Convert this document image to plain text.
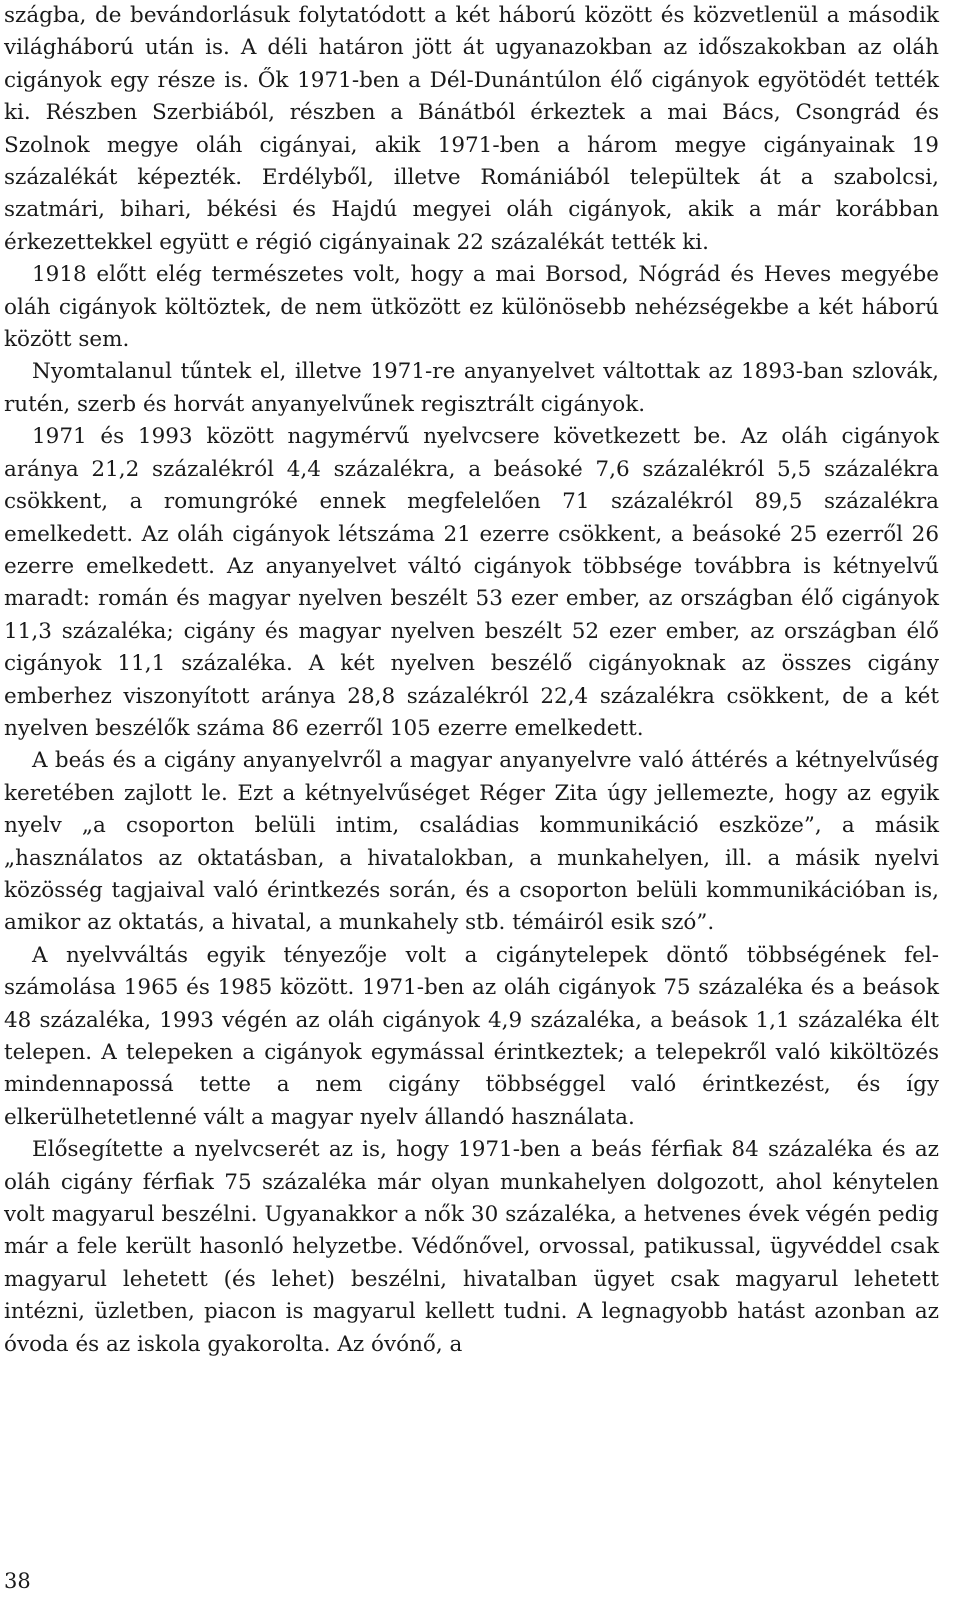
szágba, de bevándorlásuk folytatódott a két háború között és közvetlenül a második világháború után is. A déli határon jött át ugyanazokban az időszakokban az oláh cigányok egy része is. Ők 1971-ben a Dél-Dunántúlon élő cigányok egyötödét tették ki. Részben Szerbiából, részben a Bánátból érkeztek a mai Bács, Csongrád és Szolnok megye oláh cigányai, akik 1971-ben a három megye cigányainak 19 százalékát képezték. Erdélyből, illetve Romániából települtek át a szabolcsi, szatmári, bihari, békési és Hajdú megyei oláh cigányok, akik a már korábban érkezettekkel együtt e régió cigányainak 22 százalékát tették ki.

1918 előtt elég természetes volt, hogy a mai Borsod, Nógrád és Heves megyébe oláh cigányok költöztek, de nem ütközött ez különösebb nehézségekbe a két háború között sem.

Nyomtalanul tűntek el, illetve 1971-re anyanyelvet váltottak az 1893-ban szlovák, rutén, szerb és horvát anyanyelvűnek regisztrált cigányok.

1971 és 1993 között nagymérvű nyelvcsere következett be. Az oláh cigányok aránya 21,2 százalékról 4,4 százalékra, a beásoké 7,6 százalékról 5,5 százalékra csökkent, a romungróké ennek megfelelően 71 százalékról 89,5 százalékra emelkedett. Az oláh cigányok létszáma 21 ezerre csökkent, a beásoké 25 ezerről 26 ezerre emelkedett. Az anyanyelvet váltó cigányok többsége továbbra is kétnyelvű maradt: román és magyar nyelven beszélt 53 ezer ember, az országban élő cigányok 11,3 százaléka; cigány és magyar nyelven beszélt 52 ezer ember, az országban élő cigányok 11,1 százaléka. A két nyelven beszélő cigányoknak az összes cigány emberhez viszonyított aránya 28,8 százalékról 22,4 százalékra csökkent, de a két nyelven beszélők száma 86 ezerről 105 ezerre emelkedett.

A beás és a cigány anyanyelvről a magyar anyanyelvre való áttérés a kétnyelvűség keretében zajlott le. Ezt a kétnyelvűséget Réger Zita úgy jellemezte, hogy az egyik nyelv „a csoporton belüli intim, családias kommunikáció eszköze”, a másik „használatos az oktatásban, a hivatalokban, a munkahelyen, ill. a másik nyelvi közösség tagjaival való érintkezés során, és a csoporton belüli kommunikációban is, amikor az oktatás, a hivatal, a munkahely stb. témáiról esik szó”.

A nyelvváltás egyik tényezője volt a cigánytelepek döntő többségének felszámolása 1965 és 1985 között. 1971-ben az oláh cigányok 75 százaléka és a beások 48 százaléka, 1993 végén az oláh cigányok 4,9 százaléka, a beások 1,1 százaléka élt telepen. A telepeken a cigányok egymással érintkeztek; a telepekről való kiköltözés mindennapossá tette a nem cigány többséggel való érintkezést, és így elkerülhetetlenné vált a magyar nyelv állandó használata.

Elősegítette a nyelvcserét az is, hogy 1971-ben a beás férfiak 84 százaléka és az oláh cigány férfiak 75 százaléka már olyan munkahelyen dolgozott, ahol kénytelen volt magyarul beszélni. Ugyanakkor a nők 30 százaléka, a hetvenes évek végén pedig már a fele került hasonló helyzetbe. Védőnővel, orvossal, patikussal, ügyvéddel csak magyarul lehetett (és lehet) beszélni, hivatalban ügyet csak magyarul lehetett intézni, üzletben, piacon is magyarul kellett tudni. A legnagyobb hatást azonban az óvoda és az iskola gyakorolta. Az óvónő, a

38
